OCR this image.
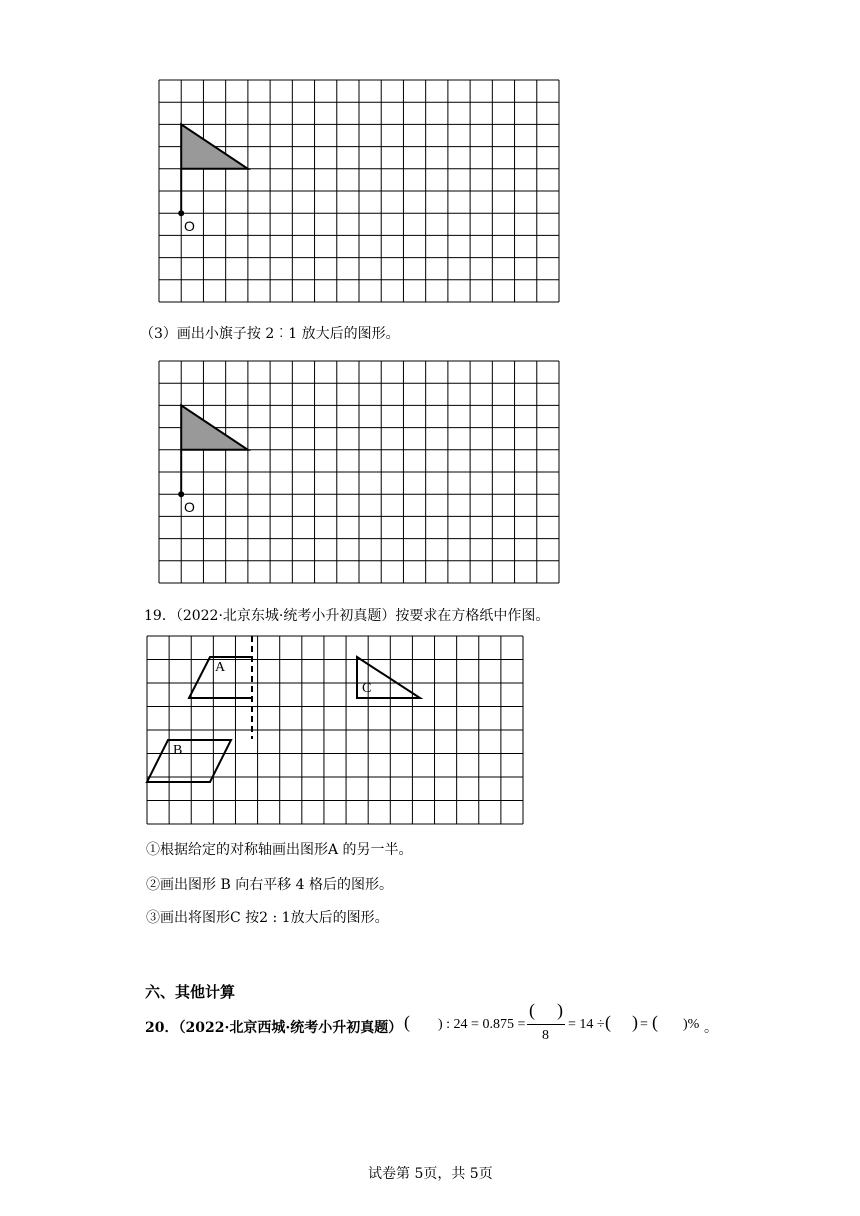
O
（3）画出小旗子按 2︰1 放大后的图形。
O
19．（2022·北京东城·统考小升初真题）按要求在方格纸中作图。
A
B
C
①根据给定的对称轴画出图形A 的另一半。
②画出图形 B 向右平移 4 格后的图形。
③画出将图形C 按2 : 1放大后的图形。
六、其他计算
20．（2022·北京西城·统考小升初真题） ( ) : 24 = 0.875 =
( )
8
= 14 ÷ ( ) = ( )% 。
试卷第 5页，共 5页
